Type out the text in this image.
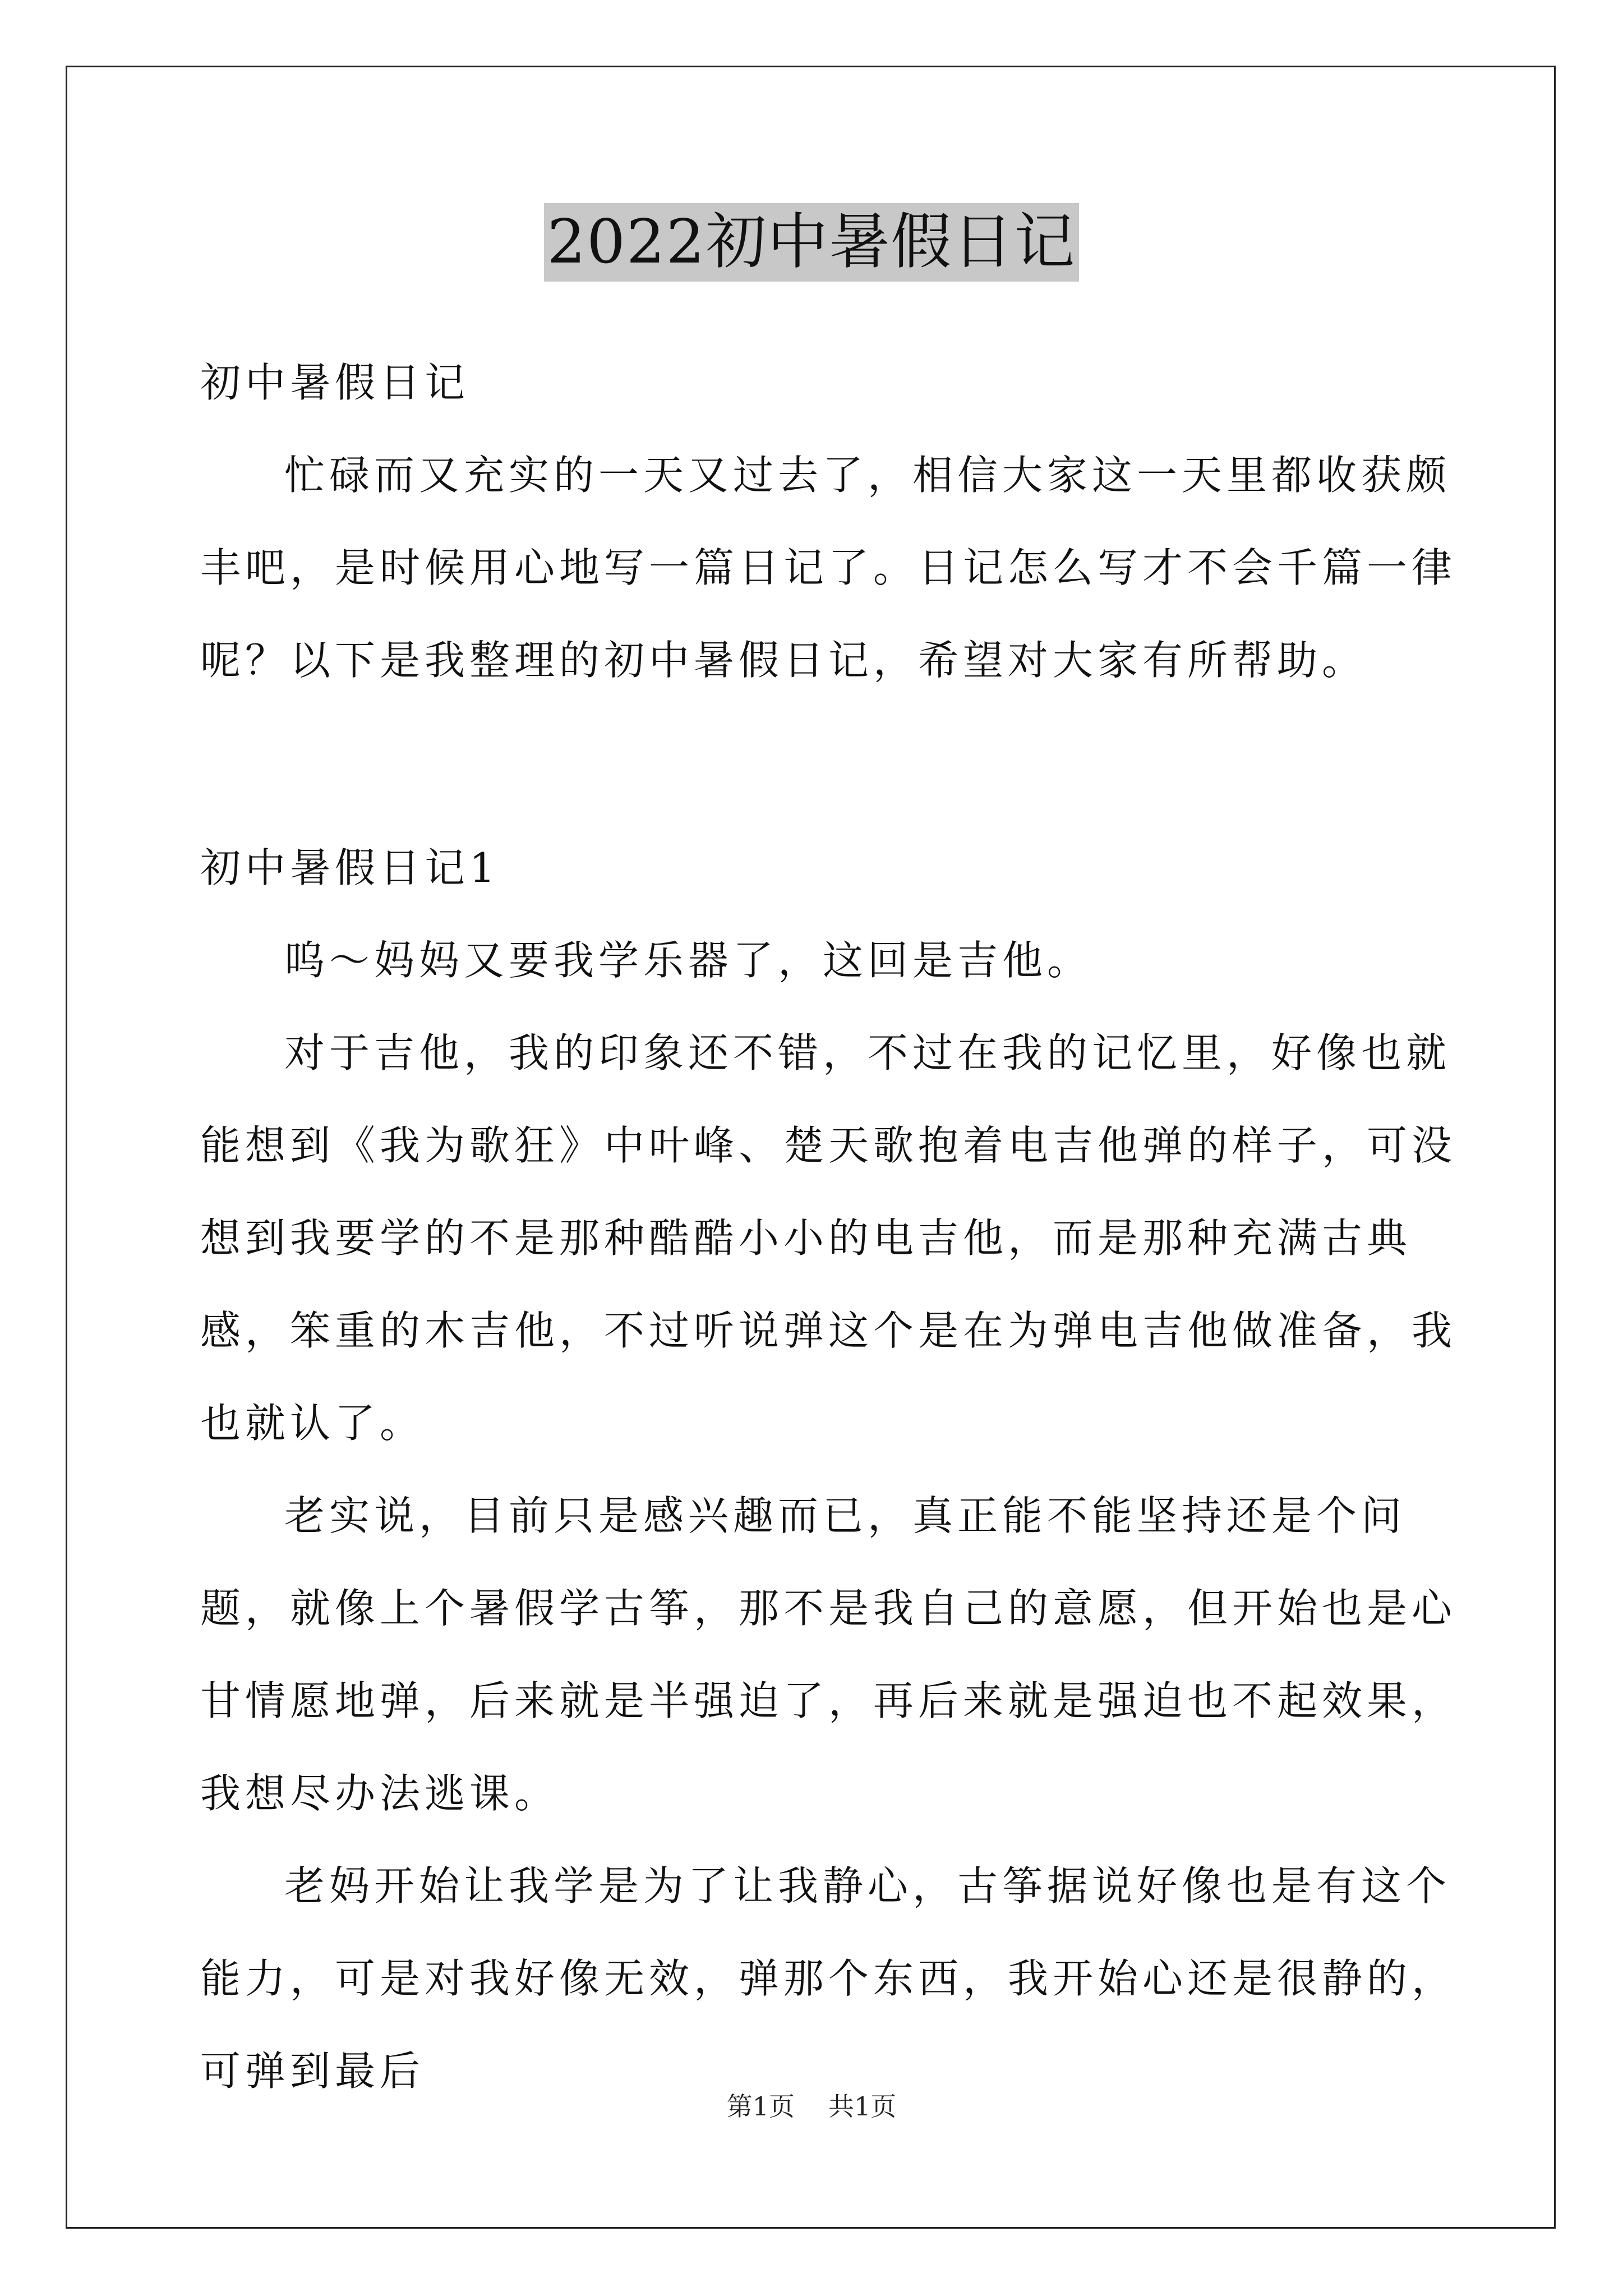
2022初中暑假日记

初中暑假日记

忙碌而又充实的一天又过去了，相信大家这一天里都收获颇丰吧，是时候用心地写一篇日记了。日记怎么写才不会千篇一律呢？以下是我整理的初中暑假日记，希望对大家有所帮助。

初中暑假日记1

呜～妈妈又要我学乐器了，这回是吉他。

对于吉他，我的印象还不错，不过在我的记忆里，好像也就能想到《我为歌狂》中叶峰、楚天歌抱着电吉他弹的样子，可没想到我要学的不是那种酷酷小小的电吉他，而是那种充满古典感，笨重的木吉他，不过听说弹这个是在为弹电吉他做准备，我也就认了。

老实说，目前只是感兴趣而已，真正能不能坚持还是个问题，就像上个暑假学古筝，那不是我自己的意愿，但开始也是心甘情愿地弹，后来就是半强迫了，再后来就是强迫也不起效果，我想尽办法逃课。

老妈开始让我学是为了让我静心，古筝据说好像也是有这个能力，可是对我好像无效，弹那个东西，我开始心还是很静的，可弹到最后

第1页 共1页
